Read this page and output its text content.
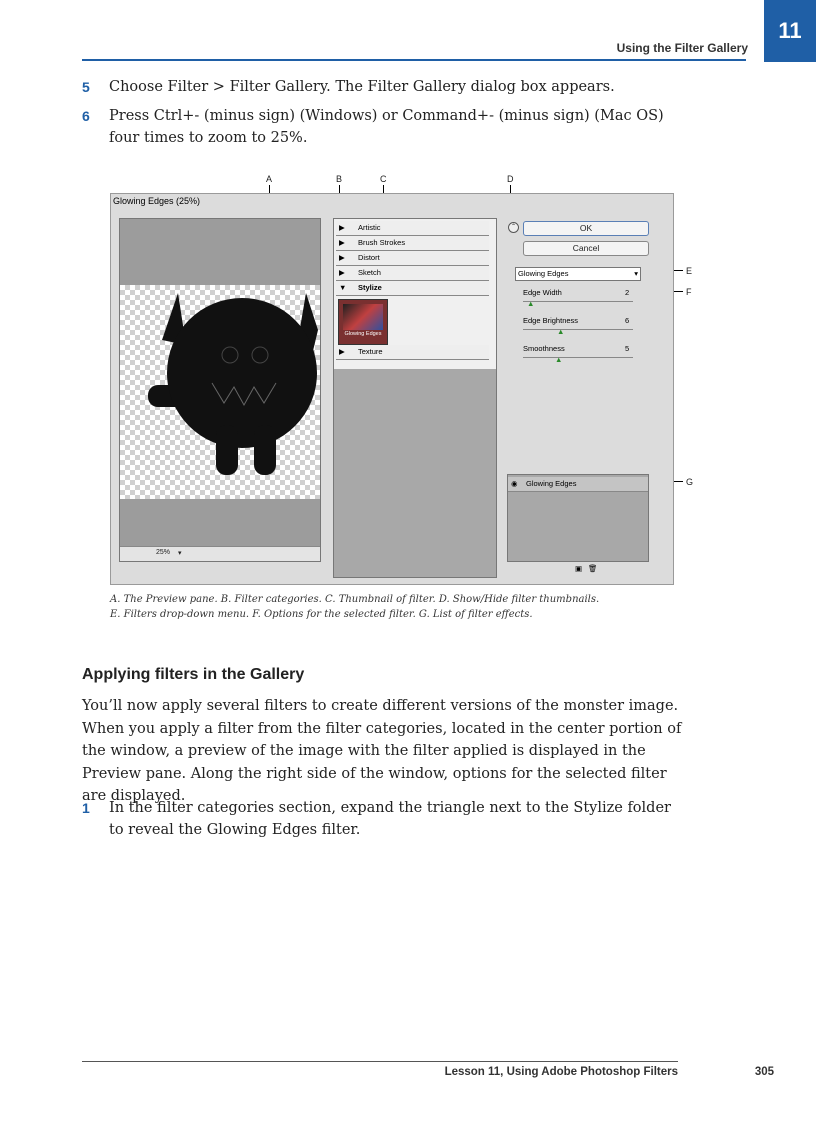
Using the Filter Gallery
11
5 Choose Filter > Filter Gallery. The Filter Gallery dialog box appears.
6 Press Ctrl+- (minus sign) (Windows) or Command+- (minus sign) (Mac OS) four times to zoom to 25%.
A	B	C	D
E
F
G
Glowing Edges (25%)
25% ▾
▶ Artistic
▶ Brush Strokes
▶ Distort
▶ Sketch
▼ Stylize
Glowing Edges
▶ Texture
⌃	OK
Cancel
Glowing Edges	▾
Edge Width	2
▲
Edge Brightness	6
▲
Smoothness	5
▲
◉ Glowing Edges
▣ 🗑
A. The Preview pane. B. Filter categories. C. Thumbnail of filter. D. Show/Hide filter thumbnails.
E. Filters drop-down menu. F. Options for the selected filter. G. List of filter effects.
Applying filters in the Gallery
You’ll now apply several filters to create different versions of the monster image. When you apply a filter from the filter categories, located in the center portion of the window, a preview of the image with the filter applied is displayed in the Preview pane. Along the right side of the window, options for the selected filter are displayed.
1 In the filter categories section, expand the triangle next to the Stylize folder to reveal the Glowing Edges filter.
Lesson 11, Using Adobe Photoshop Filters	305
